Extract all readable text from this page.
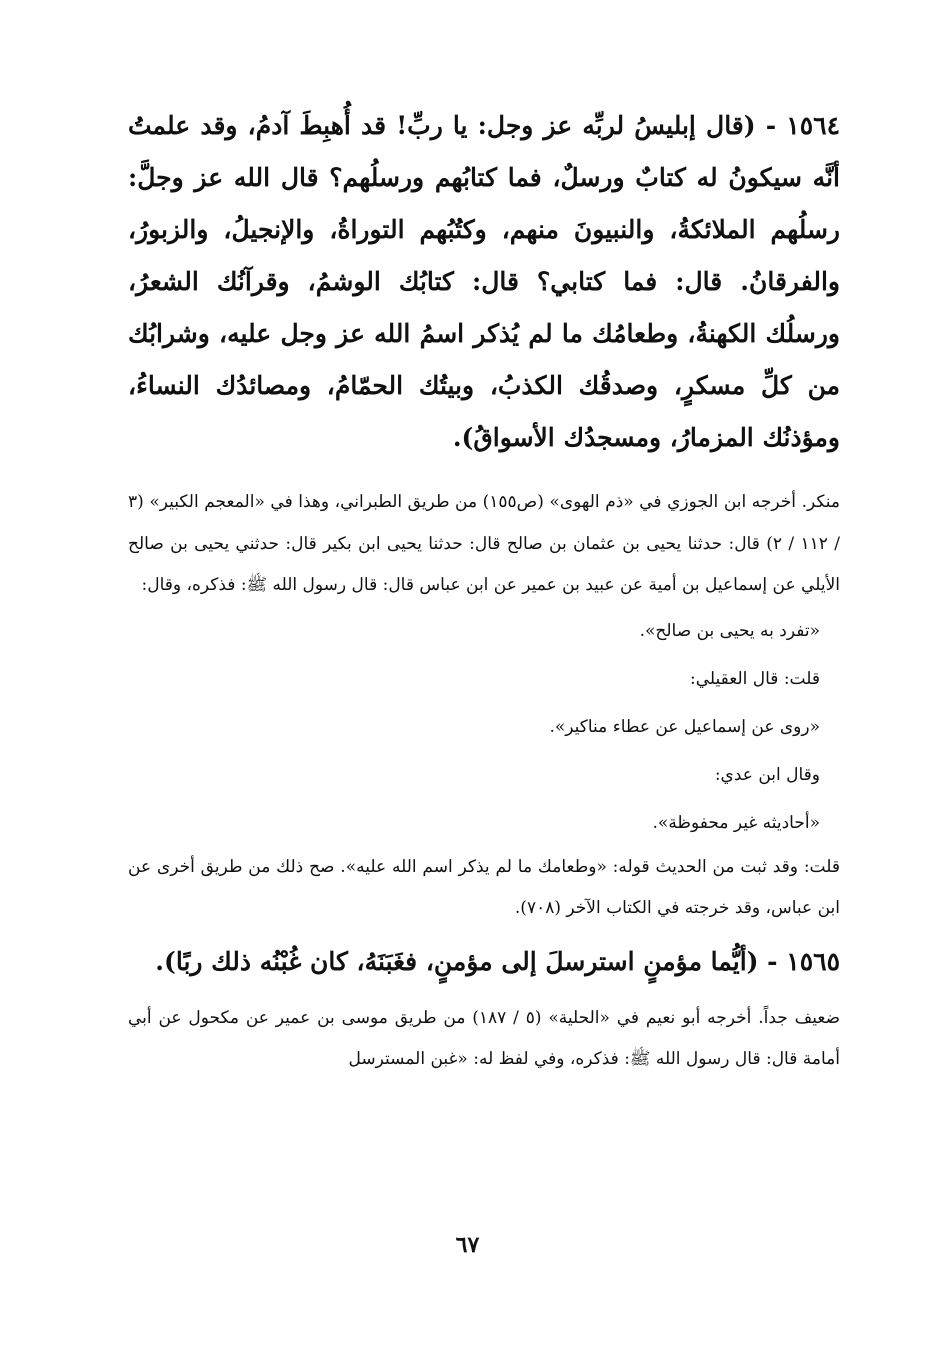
١٥٦٤ - (قال إبليسُ لربِّه عز وجل: يا ربِّ! قد أُهبِطَ آدمُ، وقد علمتُ أنَّه سيكونُ له كتابٌ ورسلٌ، فما كتابُهم ورسلُهم؟ قال الله عز وجلَّ: رسلُهم الملائكةُ، والنبيونَ منهم، وكتُبُهم التوراةُ، والإنجيلُ، والزبورُ، والفرقانُ. قال: فما كتابي؟ قال: كتابُك الوشمُ، وقرآنُك الشعرُ، ورسلُك الكهنةُ، وطعامُك ما لم يُذكر اسمُ الله عز وجل عليه، وشرابُك من كلِّ مسكرٍ، وصدقُك الكذبُ، وبيتُك الحمّامُ، ومصائدُك النساءُ، ومؤذنُك المزمارُ، ومسجدُك الأسواقُ).

منكر. أخرجه ابن الجوزي في «ذم الهوى» (ص١٥٥) من طريق الطبراني، وهذا في «المعجم الكبير» (٣ / ١١٢ / ٢) قال: حدثنا يحيى بن عثمان بن صالح قال: حدثنا يحيى ابن بكير قال: حدثني يحيى بن صالح الأيلي عن إسماعيل بن أمية عن عبيد بن عمير عن ابن عباس قال: قال رسول الله ﷺ: فذكره، وقال:

«تفرد به يحيى بن صالح».

قلت: قال العقيلي:

«روى عن إسماعيل عن عطاء مناكير».

وقال ابن عدي:

«أحاديثه غير محفوظة».

قلت: وقد ثبت من الحديث قوله: «وطعامك ما لم يذكر اسم الله عليه». صح ذلك من طريق أخرى عن ابن عباس، وقد خرجته في الكتاب الآخر (٧٠٨).

١٥٦٥ - (أيُّما مؤمنٍ استرسلَ إلى مؤمنٍ، فغَبَنَهُ، كان غُبْنُه ذلك ربًا).

ضعيف جداً. أخرجه أبو نعيم في «الحلية» (٥ / ١٨٧) من طريق موسى بن عمير عن مكحول عن أبي أمامة قال: قال رسول الله ﷺ: فذكره، وفي لفظ له: «غبن المسترسل

٦٧
